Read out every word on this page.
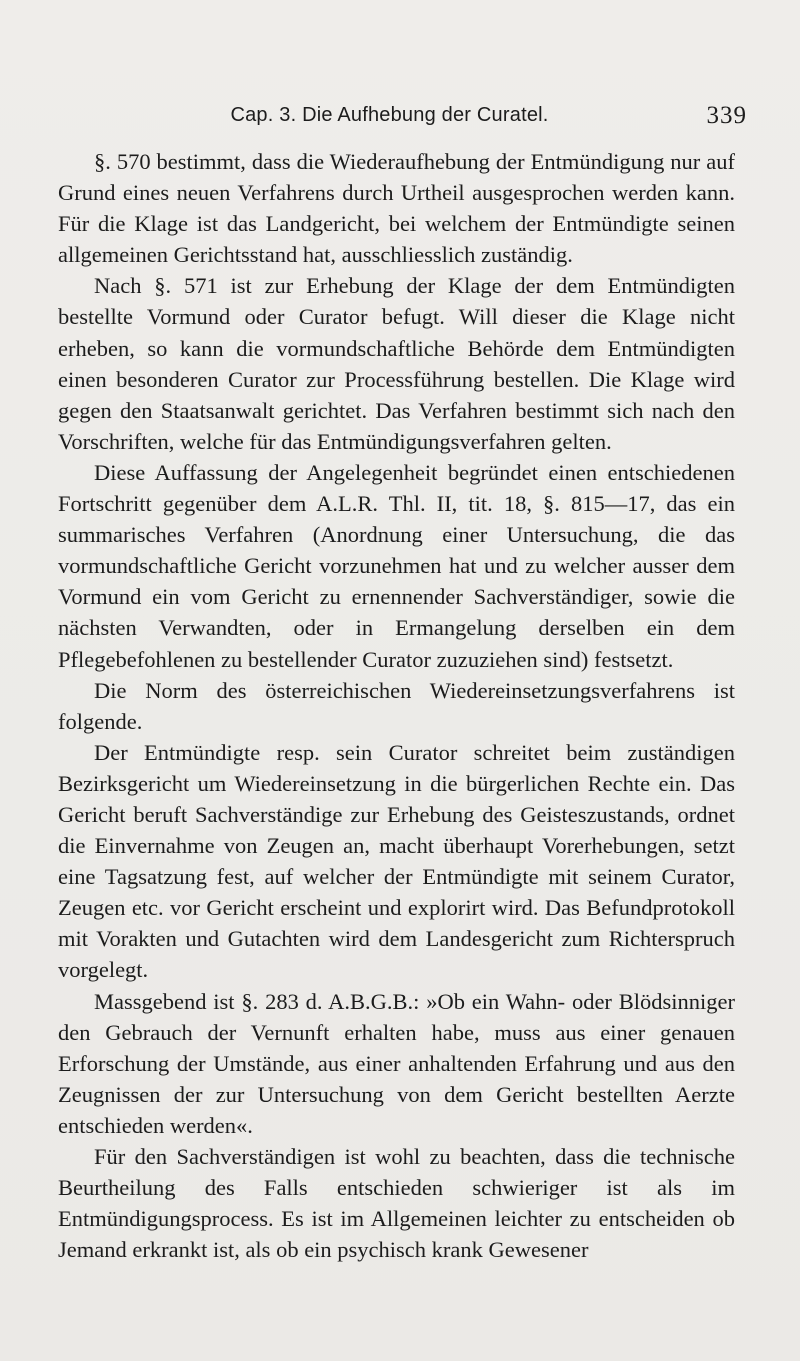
Cap. 3. Die Aufhebung der Curatel.	339

§. 570 bestimmt, dass die Wiederaufhebung der Entmündigung nur auf Grund eines neuen Verfahrens durch Urtheil ausgesprochen werden kann. Für die Klage ist das Landgericht, bei welchem der Entmündigte seinen allgemeinen Gerichtsstand hat, ausschliesslich zuständig.

Nach §. 571 ist zur Erhebung der Klage der dem Entmündigten bestellte Vormund oder Curator befugt. Will dieser die Klage nicht erheben, so kann die vormundschaftliche Behörde dem Entmündigten einen besonderen Curator zur Processführung bestellen. Die Klage wird gegen den Staatsanwalt gerichtet. Das Verfahren bestimmt sich nach den Vorschriften, welche für das Entmündigungsverfahren gelten.

Diese Auffassung der Angelegenheit begründet einen entschiedenen Fortschritt gegenüber dem A.L.R. Thl. II, tit. 18, §. 815—17, das ein summarisches Verfahren (Anordnung einer Untersuchung, die das vormundschaftliche Gericht vorzunehmen hat und zu welcher ausser dem Vormund ein vom Gericht zu ernennender Sachverständiger, sowie die nächsten Verwandten, oder in Ermangelung derselben ein dem Pflegebefohlenen zu bestellender Curator zuzuziehen sind) festsetzt.

Die Norm des österreichischen Wiedereinsetzungsverfahrens ist folgende.

Der Entmündigte resp. sein Curator schreitet beim zuständigen Bezirksgericht um Wiedereinsetzung in die bürgerlichen Rechte ein. Das Gericht beruft Sachverständige zur Erhebung des Geisteszustands, ordnet die Einvernahme von Zeugen an, macht überhaupt Vorerhebungen, setzt eine Tagsatzung fest, auf welcher der Entmündigte mit seinem Curator, Zeugen etc. vor Gericht erscheint und explorirt wird. Das Befundprotokoll mit Vorakten und Gutachten wird dem Landesgericht zum Richterspruch vorgelegt.

Massgebend ist §. 283 d. A.B.G.B.: »Ob ein Wahn- oder Blödsinniger den Gebrauch der Vernunft erhalten habe, muss aus einer genauen Erforschung der Umstände, aus einer anhaltenden Erfahrung und aus den Zeugnissen der zur Untersuchung von dem Gericht bestellten Aerzte entschieden werden«.

Für den Sachverständigen ist wohl zu beachten, dass die technische Beurtheilung des Falls entschieden schwieriger ist als im Entmündigungsprocess. Es ist im Allgemeinen leichter zu entscheiden ob Jemand erkrankt ist, als ob ein psychisch krank Gewesener
